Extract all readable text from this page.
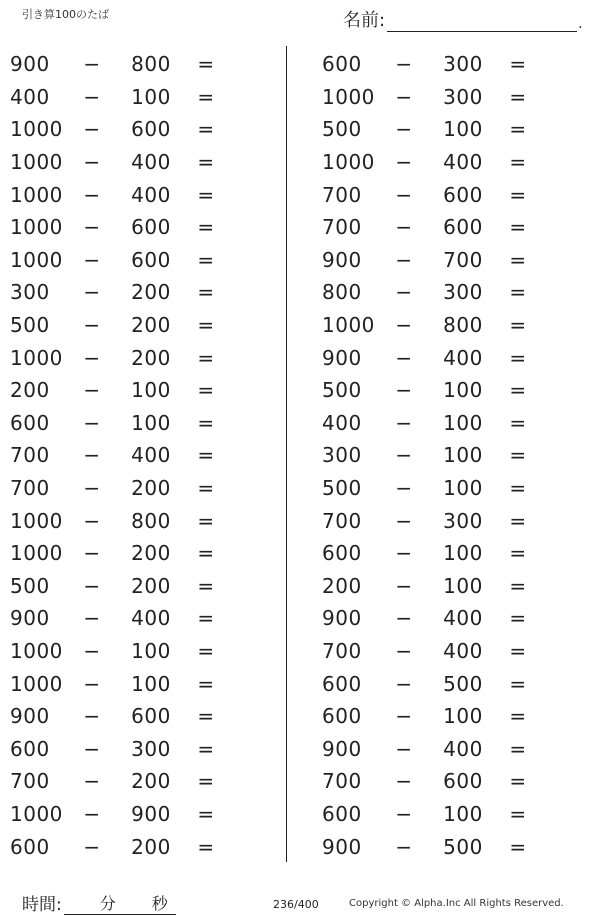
引き算100のたば	名前:	.
900	−	800	=
400	−	100	=
1000	−	600	=
1000	−	400	=
1000	−	400	=
1000	−	600	=
1000	−	600	=
300	−	200	=
500	−	200	=
1000	−	200	=
200	−	100	=
600	−	100	=
700	−	400	=
700	−	200	=
1000	−	800	=
1000	−	200	=
500	−	200	=
900	−	400	=
1000	−	100	=
1000	−	100	=
900	−	600	=
600	−	300	=
700	−	200	=
1000	−	900	=
600	−	200	=
600	−	300	=
1000	−	300	=
500	−	100	=
1000	−	400	=
700	−	600	=
700	−	600	=
900	−	700	=
800	−	300	=
1000	−	800	=
900	−	400	=
500	−	100	=
400	−	100	=
300	−	100	=
500	−	100	=
700	−	300	=
600	−	100	=
200	−	100	=
900	−	400	=
700	−	400	=
600	−	500	=
600	−	100	=
900	−	400	=
700	−	600	=
600	−	100	=
900	−	500	=
時間: 分 秒	236/400	Copyright © Alpha.Inc All Rights Reserved.
